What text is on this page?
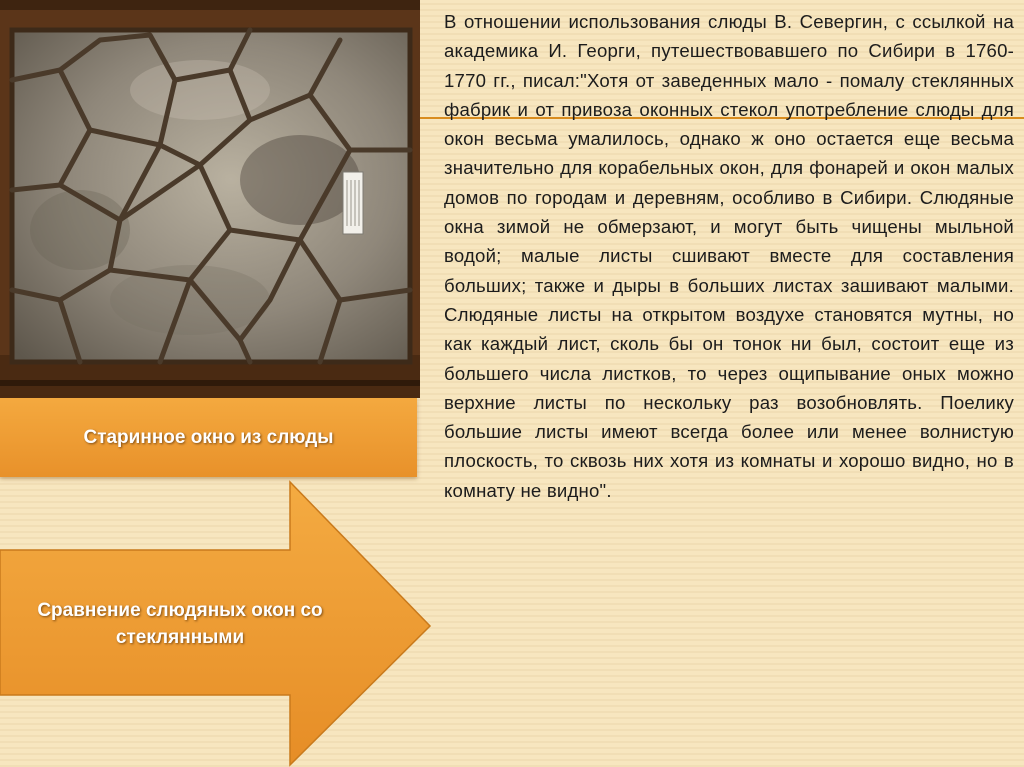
Старинное окно из слюды
Сравнение слюдяных окон со стеклянными
В отношении использования слюды В. Севергин, с ссылкой на академика И. Георги, путешествовавшего по Сибири в 1760-1770 гг., писал:"Хотя от заведенных мало - помалу стеклянных фабрик и от привоза оконных стекол употребление слюды для окон весьма умалилось, однако ж оно остается еще весьма значительно для корабельных окон, для фонарей и окон малых домов по городам и деревням, особливо в Сибири. Слюдяные окна зимой не обмерзают, и могут быть чищены мыльной водой; малые листы сшивают вместе для составления больших; также и дыры в больших листах зашивают малыми. Слюдяные листы на открытом воздухе становятся мутны, но как каждый лист, сколь бы он тонок ни был, состоит еще из большего числа листков, то через ощипывание оных можно верхние листы по нескольку раз возобновлять. Поелику большие листы имеют всегда более или менее волнистую плоскость, то сквозь них хотя из комнаты и хорошо видно, но в комнату не видно".
